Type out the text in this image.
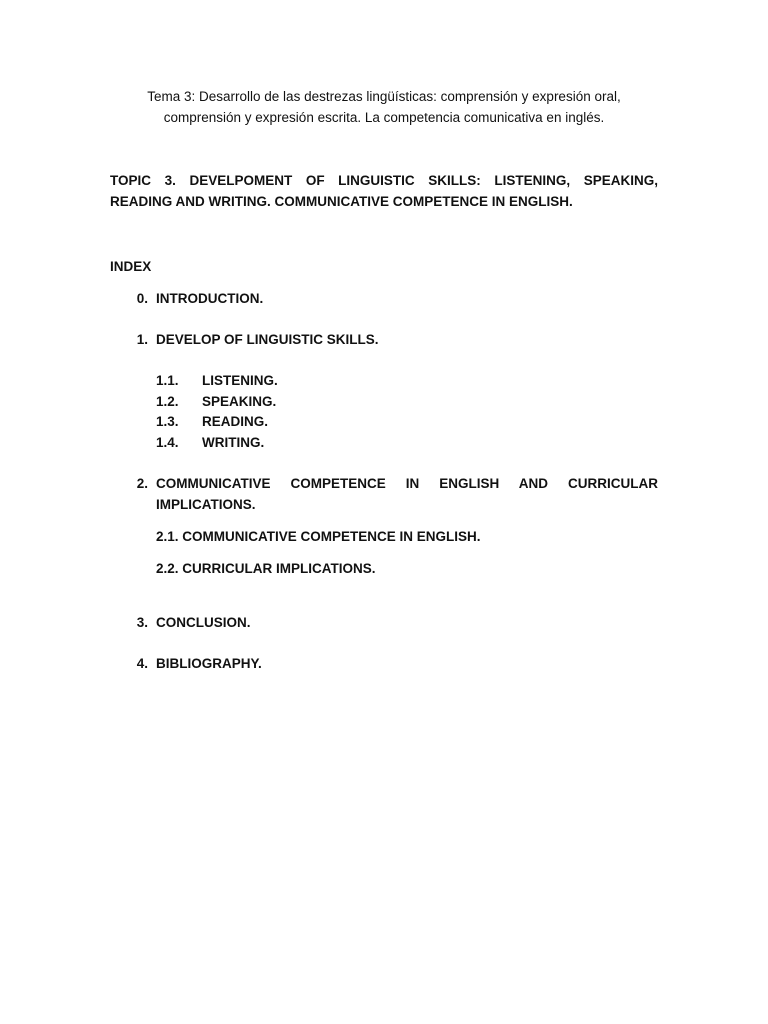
Tema 3: Desarrollo de las destrezas lingüísticas: comprensión y expresión oral,
comprensión y expresión escrita. La competencia comunicativa en inglés.
TOPIC 3. DEVELPOMENT OF LINGUISTIC SKILLS: LISTENING, SPEAKING,
READING AND WRITING. COMMUNICATIVE COMPETENCE IN ENGLISH.
INDEX
0. INTRODUCTION.
1. DEVELOP OF LINGUISTIC SKILLS.
1.1.	LISTENING.
1.2.	SPEAKING.
1.3.	READING.
1.4.	WRITING.
2. COMMUNICATIVE COMPETENCE IN ENGLISH AND CURRICULAR
IMPLICATIONS.
2.1. COMMUNICATIVE COMPETENCE IN ENGLISH.
2.2. CURRICULAR IMPLICATIONS.
3. CONCLUSION.
4. BIBLIOGRAPHY.
